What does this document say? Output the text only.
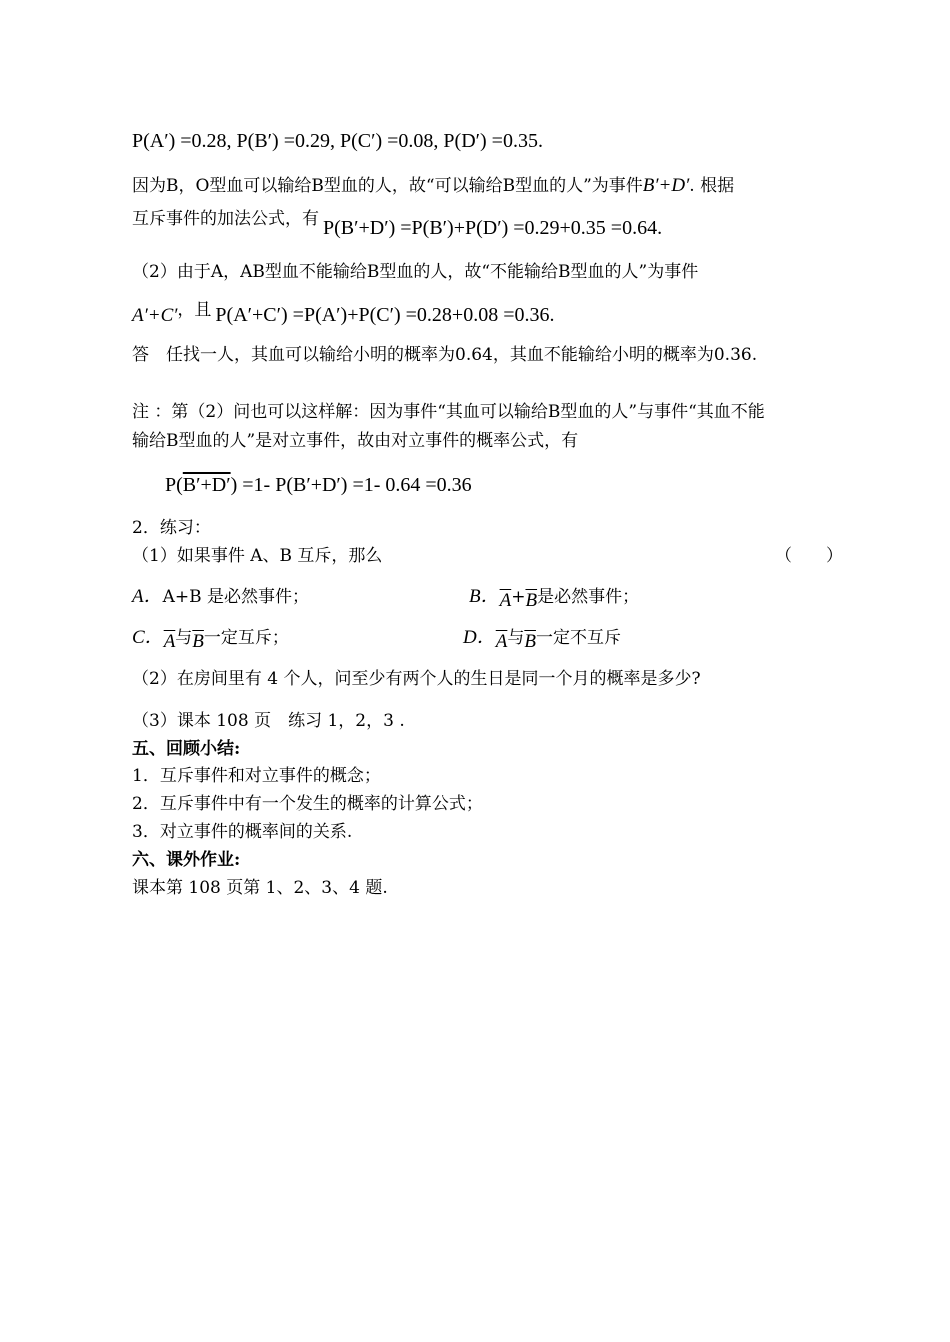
P(A′) =0.28, P(B′) =0.29, P(C′) =0.08, P(D′) =0.35.
因为B，O型血可以输给B型血的人，故“可以输给B型血的人”为事件B′+D′. 根据
互斥事件的加法公式，有 P(B′+D′) =P(B′)+P(D′) =0.29+0.35 =0.64.
（2）由于A，AB型血不能输给B型血的人，故“不能输给B型血的人”为事件
A′+C′，且 P(A′+C′) =P(A′)+P(C′) =0.28+0.08 =0.36.
答　任找一人，其血可以输给小明的概率为0.64，其血不能输给小明的概率为0.36.
注 ：第（2）问也可以这样解：因为事件“其血可以输给B型血的人”与事件“其血不能
输给B型血的人”是对立事件，故由对立事件的概率公式，有
P(B′+D′) =1- P(B′+D′) =1- 0.64 =0.36
2．练习：
（1）如果事件 A、B 互斥，那么	（　　）
A．A+B 是必然事件；	B．$\overline{A}+\overline{B}$是必然事件；
C．$\overline{A}$与$\overline{B}$一定互斥；	D．$\overline{A}$与$\overline{B}$一定不互斥
（2）在房间里有 4 个人，问至少有两个人的生日是同一个月的概率是多少?
（3）课本 108 页　练习 1，2，3 .
五、回顾小结:
1．互斥事件和对立事件的概念；
2．互斥事件中有一个发生的概率的计算公式；
3．对立事件的概率间的关系.
六、课外作业:
课本第 108 页第 1、2、3、4 题.
